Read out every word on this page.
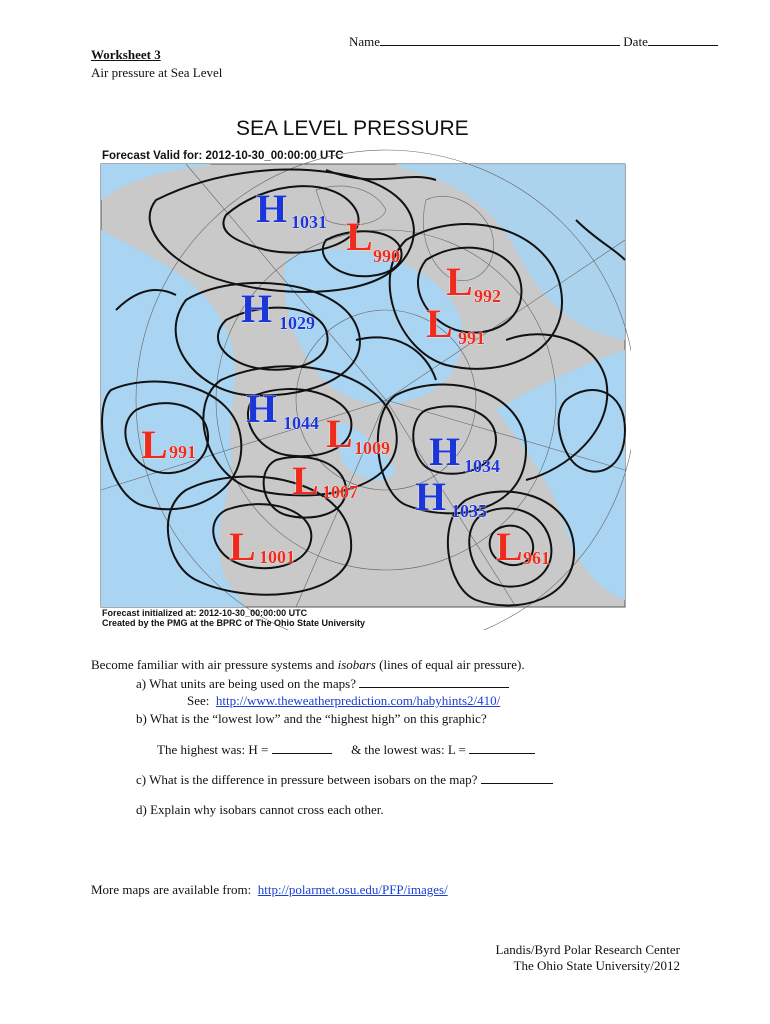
Name	Date
Worksheet 3
Air pressure at Sea Level
SEA LEVEL PRESSURE
Forecast Valid for: 2012-10-30_00:00:00 UTC
H 1031 L 990
L 992
H 1029	L 991
H 1044 L 1009
L 991	H 1034
L 1007 H 1035
L 1001	L 961
Forecast initialized at: 2012-10-30_00:00:00 UTC
Created by the PMG at the BPRC of The Ohio State University
Become familiar with air pressure systems and isobars (lines of equal air pressure).
a) What units are being used on the maps?
See: http://www.theweatherprediction.com/habyhints2/410/
b) What is the “lowest low” and the “highest high” on this graphic?
The highest was: H =	& the lowest was: L =
c) What is the difference in pressure between isobars on the map?
d) Explain why isobars cannot cross each other.
More maps are available from: http://polarmet.osu.edu/PFP/images/
Landis/Byrd Polar Research Center
The Ohio State University/2012
